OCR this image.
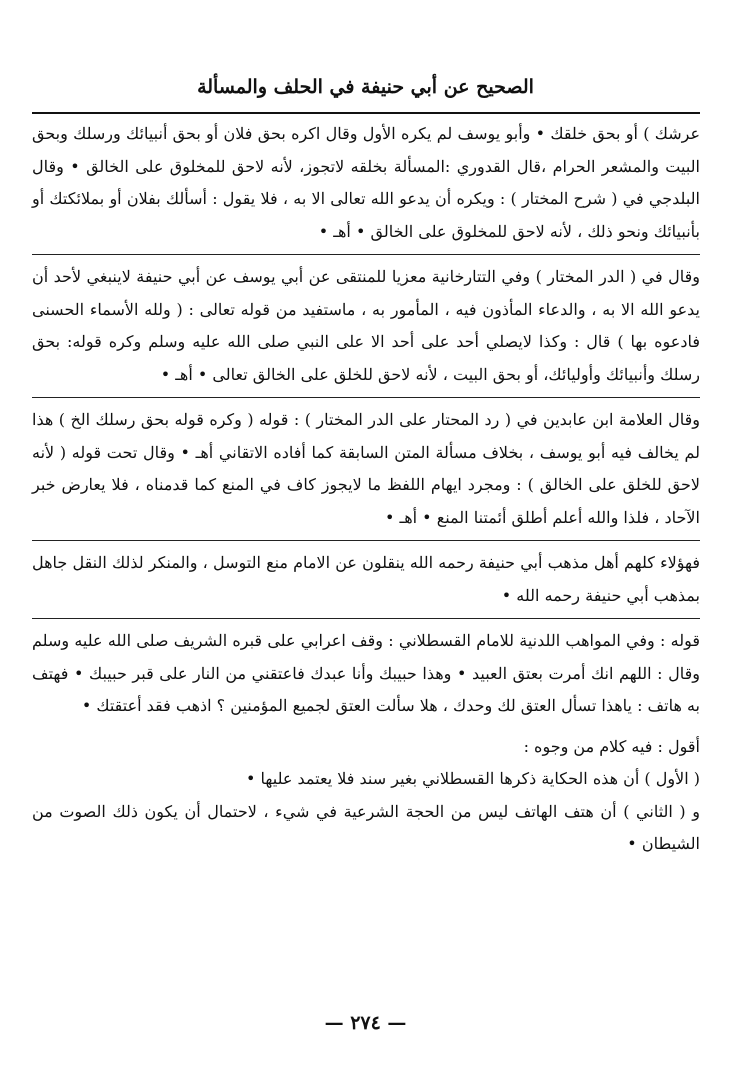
الصحيح عن أبي حنيفة في الحلف والمسألة

عرشك ) أو بحق خلقك • وأبو يوسف لم يكره الأول وقال اكره بحق فلان أو بحق أنبيائك ورسلك وبحق البيت والمشعر الحرام ،قال القدوري :المسألة بخلقه لاتجوز، لأنه لاحق للمخلوق على الخالق • وقال البلدجي في ( شرح المختار ) : ويكره أن يدعو الله تعالى الا به ، فلا يقول : أسألك بفلان أو بملائكتك أو بأنبيائك ونحو ذلك ، لأنه لاحق للمخلوق على الخالق • أهـ •

وقال في ( الدر المختار ) وفي التتارخانية معزيا للمنتقى عن أبي يوسف عن أبي حنيفة لاينبغي لأحد أن يدعو الله الا به ، والدعاء المأذون فيه ، المأمور به ، ماستفيد من قوله تعالى : ( ولله الأسماء الحسنى فادعوه بها ) قال : وكذا لايصلي أحد على أحد الا على النبي صلى الله عليه وسلم وكره قوله: بحق رسلك وأنبيائك وأوليائك، أو بحق البيت ، لأنه لاحق للخلق على الخالق تعالى • أهـ •

وقال العلامة ابن عابدين في ( رد المحتار على الدر المختار ) : قوله ( وكره قوله بحق رسلك الخ ) هذا لم يخالف فيه أبو يوسف ، بخلاف مسألة المتن السابقة كما أفاده الاتقاني أهـ • وقال تحت قوله ( لأنه لاحق للخلق على الخالق ) : ومجرد ايهام اللفظ ما لايجوز كاف في المنع كما قدمناه ، فلا يعارض خبر الآحاد ، فلذا والله أعلم أطلق أئمتنا المنع • أهـ •

فهؤلاء كلهم أهل مذهب أبي حنيفة رحمه الله ينقلون عن الامام منع التوسل ، والمنكر لذلك النقل جاهل بمذهب أبي حنيفة رحمه الله •

قوله : وفي المواهب اللدنية للامام القسطلاني : وقف اعرابي على قبره الشريف صلى الله عليه وسلم وقال : اللهم انك أمرت بعتق العبيد • وهذا حبيبك وأنا عبدك فاعتقني من النار على قبر حبيبك • فهتف به هاتف : ياهذا تسأل العتق لك وحدك ، هلا سألت العتق لجميع المؤمنين ؟ اذهب فقد أعتقتك •

أقول : فيه كلام من وجوه :

( الأول ) أن هذه الحكاية ذكرها القسطلاني بغير سند فلا يعتمد عليها •

و ( الثاني ) أن هتف الهاتف ليس من الحجة الشرعية في شيء ، لاحتمال أن يكون ذلك الصوت من الشيطان •

— ٢٧٤ —
